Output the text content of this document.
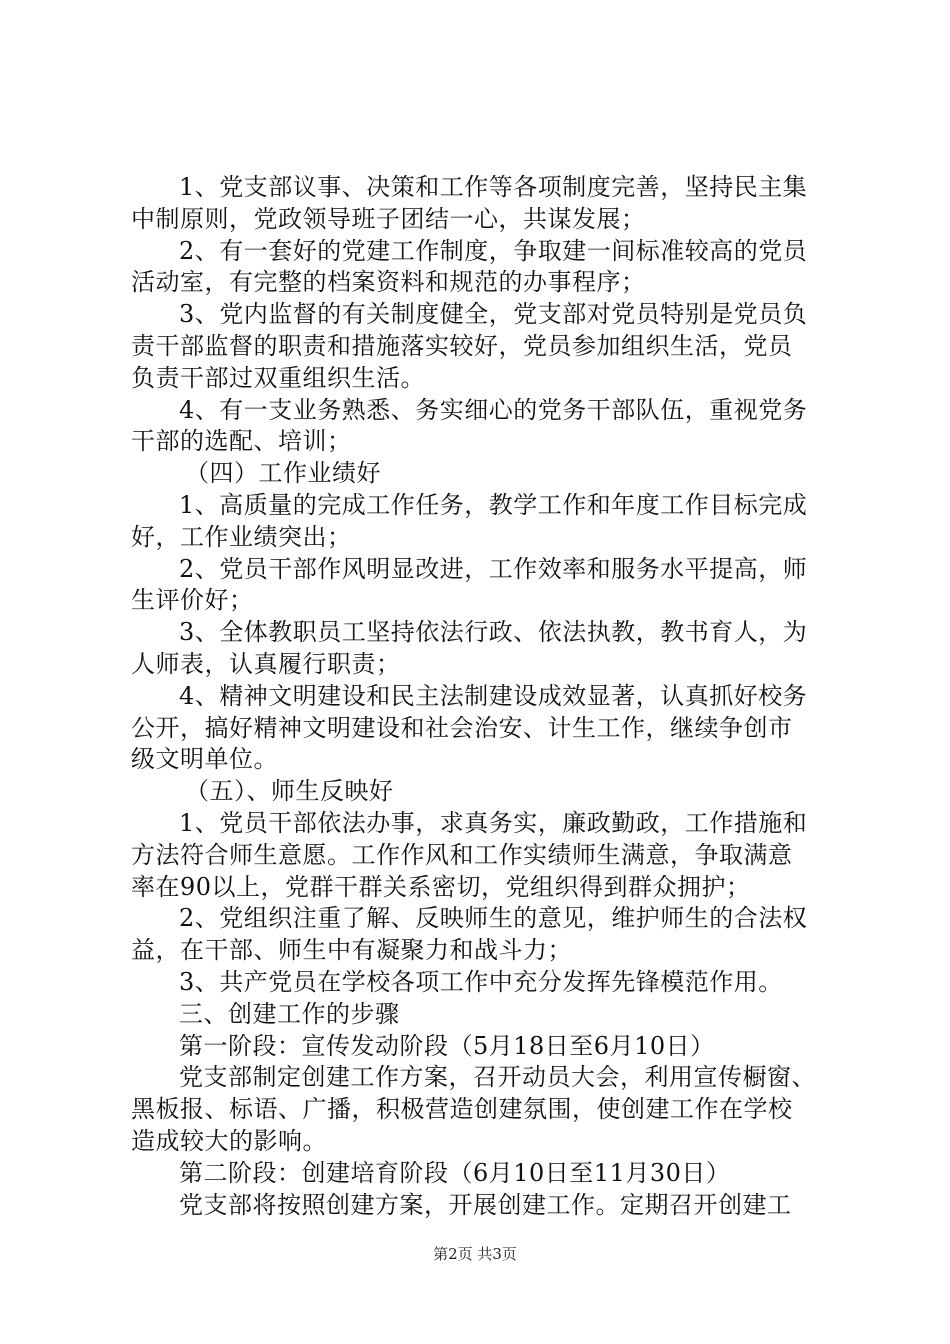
1、党支部议事、决策和工作等各项制度完善，坚持民主集
中制原则，党政领导班子团结一心，共谋发展；
2、有一套好的党建工作制度，争取建一间标准较高的党员
活动室，有完整的档案资料和规范的办事程序；
3、党内监督的有关制度健全，党支部对党员特别是党员负
责干部监督的职责和措施落实较好，党员参加组织生活，党员
负责干部过双重组织生活。
4、有一支业务熟悉、务实细心的党务干部队伍，重视党务
干部的选配、培训；
（四）工作业绩好
1、高质量的完成工作任务，教学工作和年度工作目标完成
好，工作业绩突出；
2、党员干部作风明显改进，工作效率和服务水平提高，师
生评价好；
3、全体教职员工坚持依法行政、依法执教，教书育人，为
人师表，认真履行职责；
4、精神文明建设和民主法制建设成效显著，认真抓好校务
公开，搞好精神文明建设和社会治安、计生工作，继续争创市
级文明单位。
（五）、师生反映好
1、党员干部依法办事，求真务实，廉政勤政，工作措施和
方法符合师生意愿。工作作风和工作实绩师生满意，争取满意
率在90以上，党群干群关系密切，党组织得到群众拥护；
2、党组织注重了解、反映师生的意见，维护师生的合法权
益，在干部、师生中有凝聚力和战斗力；
3、共产党员在学校各项工作中充分发挥先锋模范作用。
三、创建工作的步骤
第一阶段：宣传发动阶段（5月18日至6月10日）
党支部制定创建工作方案，召开动员大会，利用宣传橱窗、
黑板报、标语、广播，积极营造创建氛围，使创建工作在学校
造成较大的影响。
第二阶段：创建培育阶段（6月10日至11月30日）
党支部将按照创建方案，开展创建工作。定期召开创建工
第2页 共3页
